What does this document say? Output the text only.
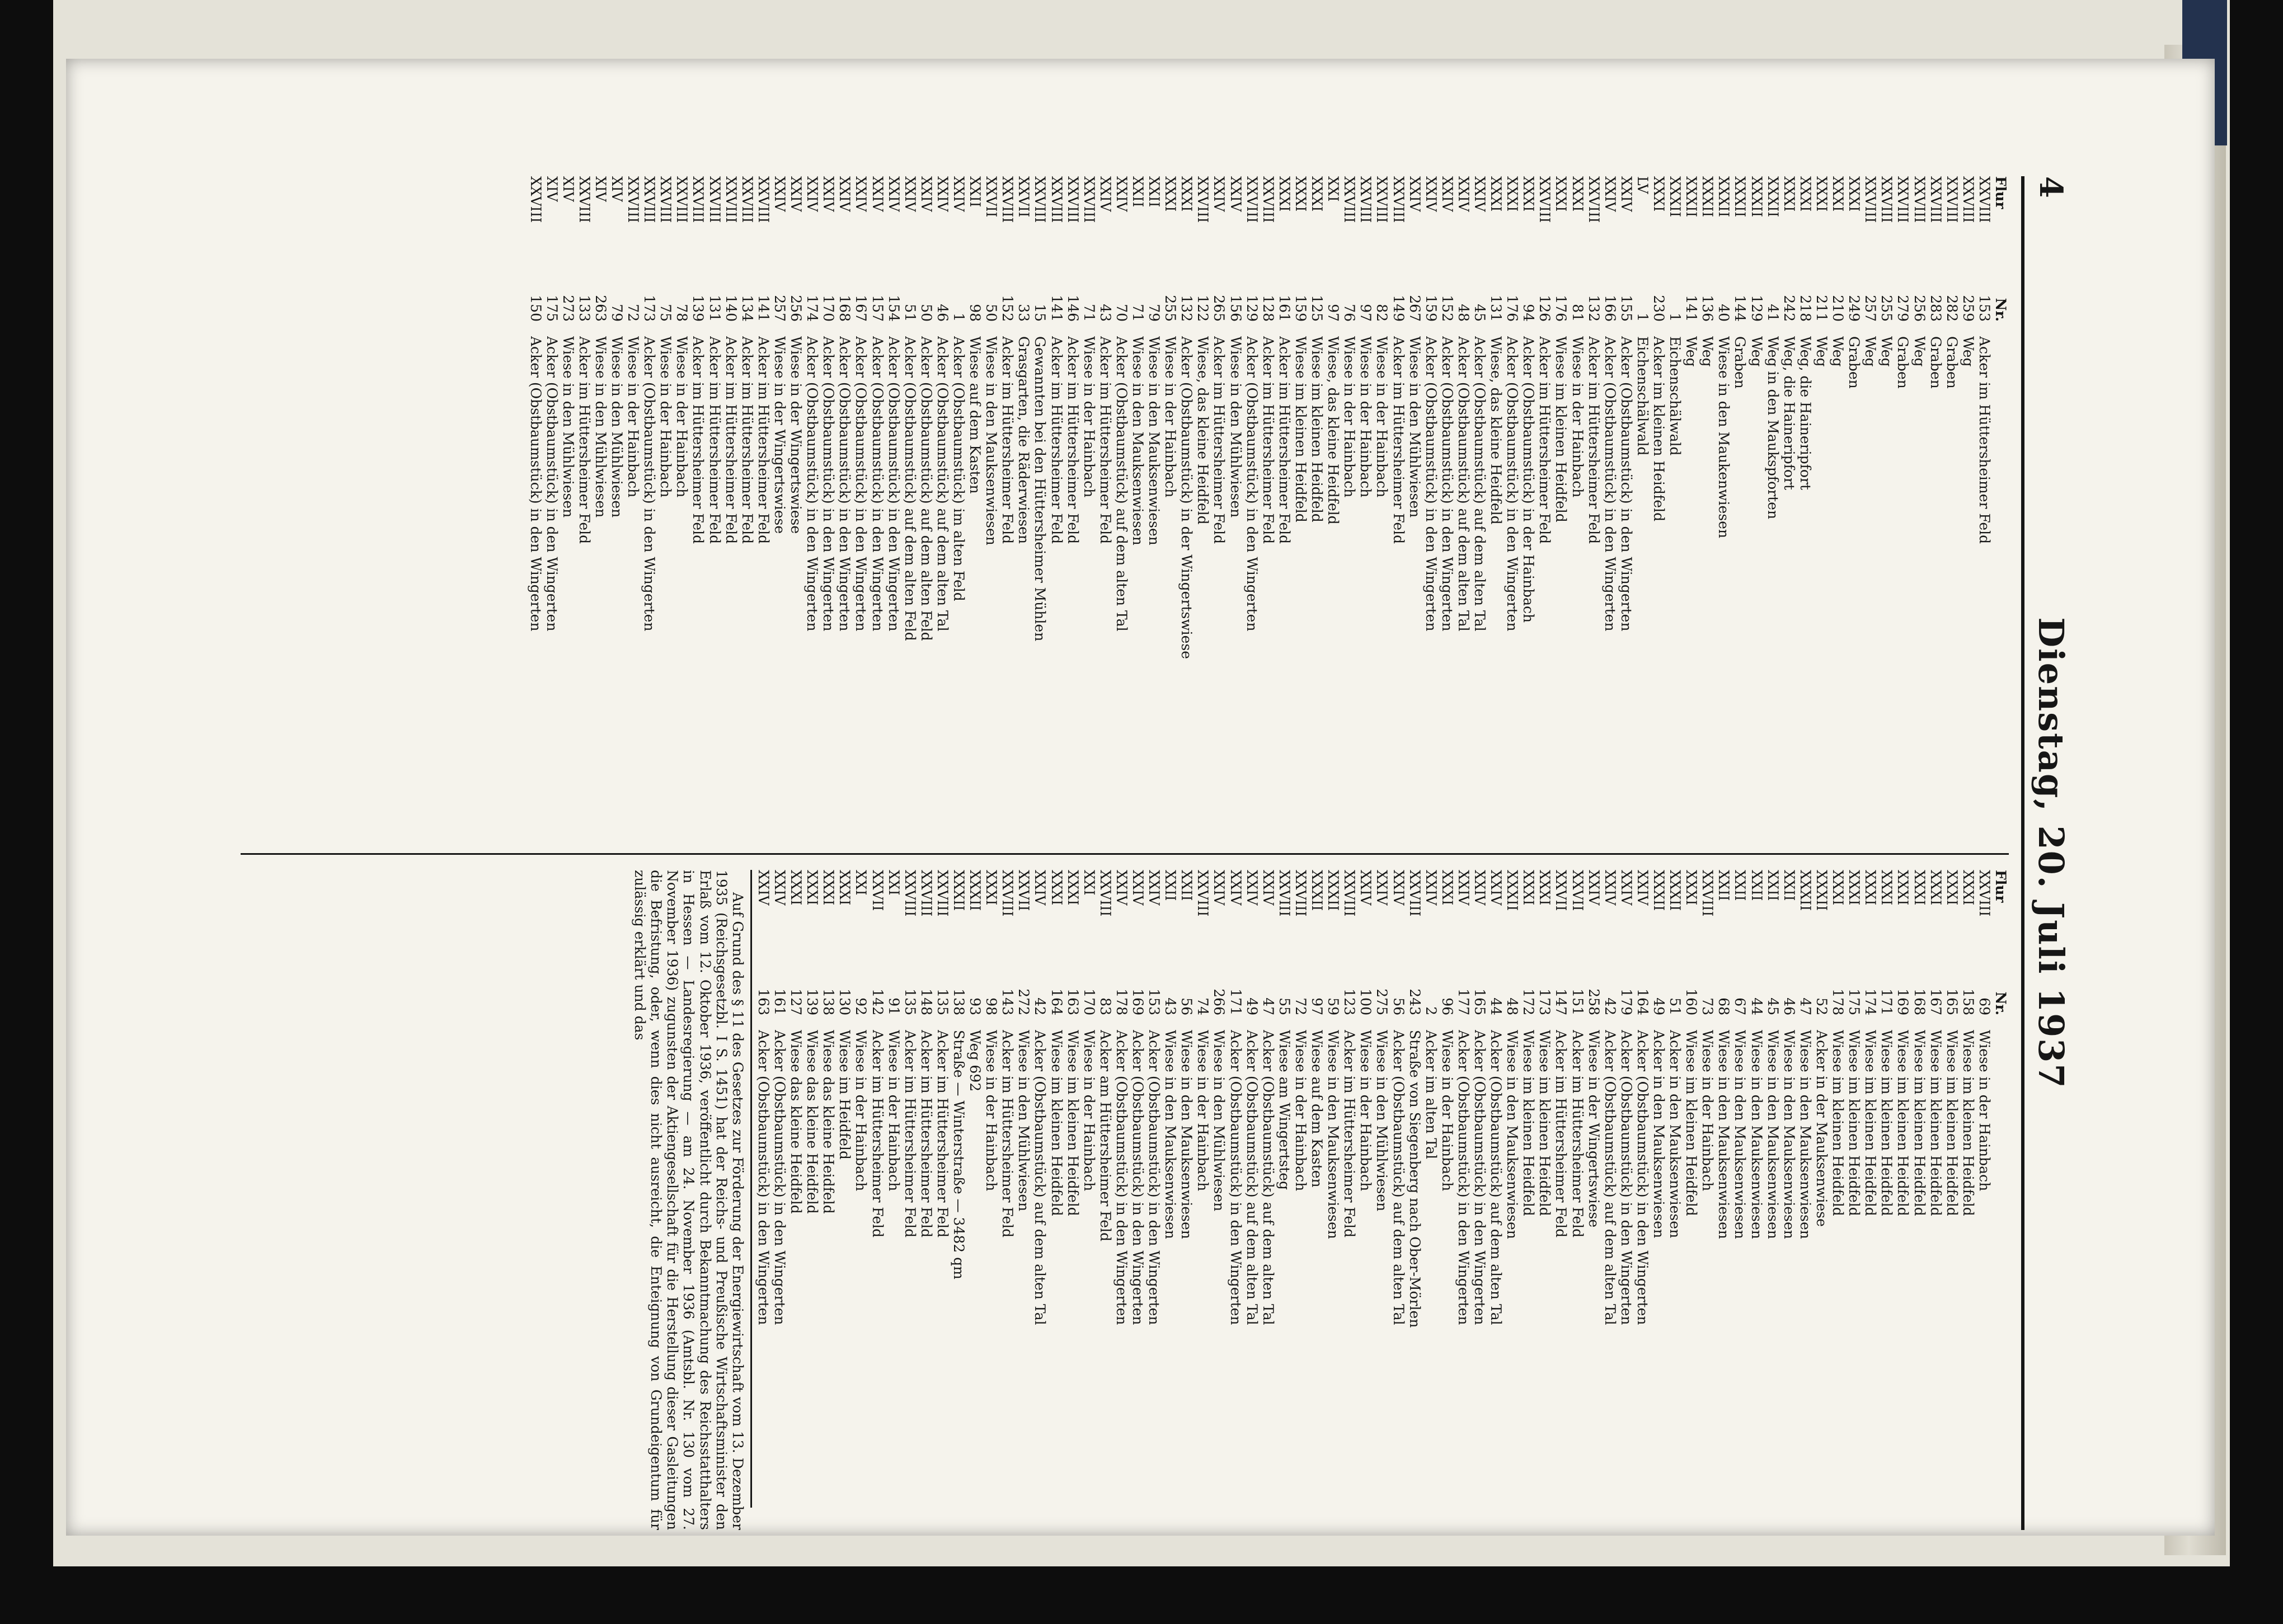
4
Dienstag, 20. Juli 1937
Flur
Nr.
XXVIII
153
Acker im Hüttersheimer Feld
XXVIII
259
Weg
XXVIII
282
Graben
XXVIII
283
Graben
XXVIII
256
Weg
XXVIII
279
Graben
XXVIII
255
Weg
XXVIII
257
Weg
XXXI
249
Graben
XXXI
210
Weg
XXXI
211
Weg
XXXI
218
Weg, die Haineripfort
XXXI
242
Weg, die Haineripfort
XXXII
41
Weg in den Maukspforten
XXXII
129
Weg
XXXII
144
Graben
XXXII
40
Wiese in den Maukenwiesen
XXXII
136
Weg
XXXII
141
Weg
XXXII
1
Eichenschälwald
XXXI
230
Acker im kleinen Heidfeld
LV
1
Eichenschälwald
XXIV
155
Acker (Obstbaumstück) in den Wingerten
XXIV
166
Acker (Obstbaumstück) in den Wingerten
XXVIII
132
Acker im Hüttersheimer Feld
XXXI
81
Wiese in der Hainbach
XXXI
176
Wiese im kleinen Heidfeld
XXVIII
126
Acker im Hüttersheimer Feld
XXXI
94
Acker (Obstbaumstück) in der Hainbach
XXXI
176
Acker (Obstbaumstück) in den Wingerten
XXXI
131
Wiese, das kleine Heidfeld
XXIV
45
Acker (Obstbaumstück) auf dem alten Tal
XXIV
48
Acker (Obstbaumstück) auf dem alten Tal
XXIV
152
Acker (Obstbaumstück) in den Wingerten
XXIV
159
Acker (Obstbaumstück) in den Wingerten
XXIV
267
Wiese in den Mühlwiesen
XXVIII
149
Acker im Hüttersheimer Feld
XXVIII
82
Wiese in der Hainbach
XXVIII
97
Wiese in der Hainbach
XXVIII
76
Wiese in der Hainbach
XXI
97
Wiese, das kleine Heidfeld
XXXI
125
Wiese im kleinen Heidfeld
XXXI
159
Wiese im kleinen Heidfeld
XXXI
161
Acker im Hüttersheimer Feld
XXVIII
128
Acker im Hüttersheimer Feld
XXVIII
129
Acker (Obstbaumstück) in den Wingerten
XXIV
156
Wiese in den Mühlwiesen
XXIV
265
Acker im Hüttersheimer Feld
XXVIII
122
Wiese, das kleine Heidfeld
XXXI
132
Acker (Obstbaumstück) in der Wingertswiese
XXXI
255
Wiese in der Hainbach
XXII
79
Wiese in den Mauksenwiesen
XXII
71
Wiese in den Mauksenwiesen
XXIV
70
Acker (Obstbaumstück) auf dem alten Tal
XXIV
43
Acker im Hüttersheimer Feld
XXVIII
71
Wiese in der Hainbach
XXVIII
146
Acker im Hüttersheimer Feld
XXVIII
141
Acker im Hüttersheimer Feld
XXVIII
15
Gewannten bei den Hüttersheimer Mühlen
XXVII
33
Grasgarten, die Räderwiesen
XXVIII
152
Acker im Hüttersheimer Feld
XXVII
50
Wiese in den Mauksenwiesen
XXII
98
Wiese auf dem Kasten
XXIV
1
Acker (Obstbaumstück) im alten Feld
XXIV
46
Acker (Obstbaumstück) auf dem alten Tal
XXIV
50
Acker (Obstbaumstück) auf dem alten Feld
XXIV
51
Acker (Obstbaumstück) auf dem alten Feld
XXIV
154
Acker (Obstbaumstück) in den Wingerten
XXIV
157
Acker (Obstbaumstück) in den Wingerten
XXIV
167
Acker (Obstbaumstück) in den Wingerten
XXIV
168
Acker (Obstbaumstück) in den Wingerten
XXIV
170
Acker (Obstbaumstück) in den Wingerten
XXIV
174
Acker (Obstbaumstück) in den Wingerten
XXIV
256
Wiese in der Wingertswiese
XXIV
257
Wiese in der Wingertswiese
XXVIII
141
Acker im Hüttersheimer Feld
XXVIII
134
Acker im Hüttersheimer Feld
XXVIII
140
Acker im Hüttersheimer Feld
XXVIII
131
Acker im Hüttersheimer Feld
XXVIII
139
Acker im Hüttersheimer Feld
XXVIII
78
Wiese in der Hainbach
XXVIII
75
Wiese in der Hainbach
XXVIII
173
Acker (Obstbaumstück) in den Wingerten
XXVIII
72
Wiese in der Hainbach
XIV
79
Wiese in den Mühlwiesen
XIV
263
Wiese in den Mühlwiesen
XXVIII
133
Acker im Hüttersheimer Feld
XIV
273
Wiese in den Mühlwiesen
XIV
175
Acker (Obstbaumstück) in den Wingerten
XXVIII
150
Acker (Obstbaumstück) in den Wingerten
Flur
Nr.
XXVIII
69
Wiese in der Hainbach
XXXI
158
Wiese im kleinen Heidfeld
XXXI
165
Wiese im kleinen Heidfeld
XXXI
167
Wiese im kleinen Heidfeld
XXXI
168
Wiese im kleinen Heidfeld
XXXI
169
Wiese im kleinen Heidfeld
XXXI
171
Wiese im kleinen Heidfeld
XXXI
174
Wiese im kleinen Heidfeld
XXXI
175
Wiese im kleinen Heidfeld
XXXI
178
Wiese im kleinen Heidfeld
XXXII
52
Acker in der Mauksenwiese
XXXII
47
Wiese in den Mauksenwiesen
XXII
46
Wiese in den Mauksenwiesen
XXII
45
Wiese in den Mauksenwiesen
XXII
44
Wiese in den Mauksenwiesen
XXII
67
Wiese in den Mauksenwiesen
XXII
68
Wiese in den Mauksenwiesen
XXVIII
73
Wiese in der Hainbach
XXXI
160
Wiese im kleinen Heidfeld
XXXII
51
Acker in den Mauksenwiesen
XXXII
49
Acker in den Mauksenwiesen
XXIV
164
Acker (Obstbaumstück) in den Wingerten
XXIV
179
Acker (Obstbaumstück) in den Wingerten
XXIV
42
Acker (Obstbaumstück) auf dem alten Tal
XXIV
258
Wiese in der Wingertswiese
XXVII
151
Acker im Hüttersheimer Feld
XXVII
147
Acker im Hüttersheimer Feld
XXXI
173
Wiese im kleinen Heidfeld
XXXI
172
Wiese im kleinen Heidfeld
XXXII
48
Wiese in den Mauksenwiesen
XXIV
44
Acker (Obstbaumstück) auf dem alten Tal
XXIV
165
Acker (Obstbaumstück) in den Wingerten
XXIV
177
Acker (Obstbaumstück) in den Wingerten
XXXI
96
Wiese in der Hainbach
XXIV
2
Acker im alten Tal
XXVIII
243
Straße von Siegenberg nach Ober-Mörlen
XXIV
56
Acker (Obstbaumstück) auf dem alten Tal
XXIV
275
Wiese in den Mühlwiesen
XXIV
100
Wiese in der Hainbach
XXVIII
123
Acker im Hüttersheimer Feld
XXXII
59
Wiese in den Mauksenwiesen
XXXII
97
Wiese auf dem Kasten
XXVIII
72
Wiese in der Hainbach
XXVIII
55
Wiese am Wingertsteg
XXIV
47
Acker (Obstbaumstück) auf dem alten Tal
XXIV
49
Acker (Obstbaumstück) auf dem alten Tal
XXIV
171
Acker (Obstbaumstück) in den Wingerten
XXIV
266
Wiese in den Mühlwiesen
XXVIII
74
Wiese in der Hainbach
XXII
56
Wiese in den Mauksenwiesen
XXII
43
Wiese in den Mauksenwiesen
XXIV
153
Acker (Obstbaumstück) in den Wingerten
XXIV
169
Acker (Obstbaumstück) in den Wingerten
XXIV
178
Acker (Obstbaumstück) in den Wingerten
XXVIII
83
Acker am Hüttersheimer Feld
XXI
170
Wiese in der Hainbach
XXXI
163
Wiese im kleinen Heidfeld
XXXI
164
Wiese im kleinen Heidfeld
XXIV
42
Acker (Obstbaumstück) auf dem alten Tal
XXVII
272
Wiese in den Mühlwiesen
XXVIII
143
Acker im Hüttersheimer Feld
XXXI
98
Wiese in der Hainbach
XXXII
93
Weg 692
XXXII
138
Straße — Winterstraße — 3482 qm
XXVIII
135
Acker im Hüttersheimer Feld
XXVIII
148
Acker im Hüttersheimer Feld
XXVIII
135
Acker im Hüttersheimer Feld
XXI
91
Wiese in der Hainbach
XXVII
142
Acker im Hüttersheimer Feld
XXI
92
Wiese in der Hainbach
XXXI
130
Wiese im Heidfeld
XXXI
138
Wiese das kleine Heidfeld
XXXI
139
Wiese das kleine Heidfeld
XXXI
127
Wiese das kleine Heidfeld
XXIV
161
Acker (Obstbaumstück) in den Wingerten
XXIV
163
Acker (Obstbaumstück) in den Wingerten

Auf Grund des § 11 des Gesetzes zur Förderung der Energiewirtschaft vom 13. Dezember 1935 (Reichsgesetzbl. I S. 1451) hat der Reichs- und Preußische Wirtschaftsminister den Erlaß vom 12. Oktober 1936, veröffentlicht durch Bekanntmachung des Reichsstatthalters in Hessen — Landesregierung — am 24. November 1936 (Amtsbl. Nr. 130 vom 27. November 1936) zugunsten der Aktiengesellschaft für die Herstellung dieser Gasleitungen die Befristung, oder, wenn dies nicht ausreicht, die Enteignung von Grundeigentum für zulässig erklärt und das
